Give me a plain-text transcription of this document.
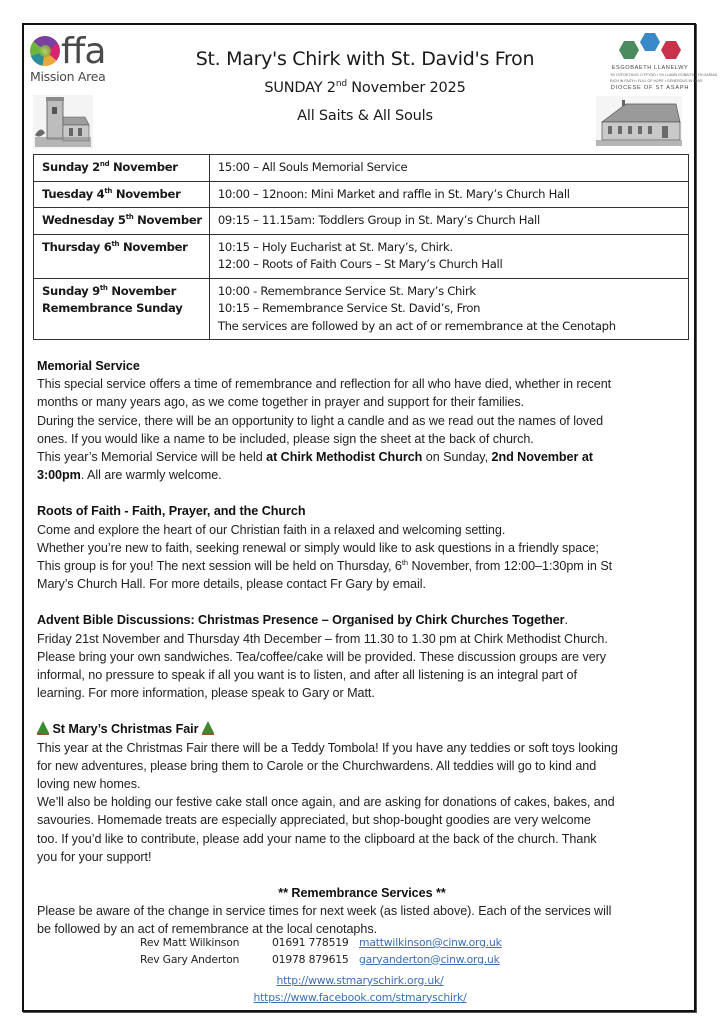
ffa
Mission Area
ESGOBAETH LLANELWY
YN GYFOETHOG O FFYDD • YN LLAWN GOBAITH • YN GARIAD
RICH IN FAITH • FULL OF HOPE • GENEROUS IN LOVE
DIOCESE OF ST ASAPH
St. Mary's Chirk with St. David's Fron
SUNDAY 2nd November 2025
All Saits & All Souls
Sunday 2nd November	15:00 – All Souls Memorial Service

Tuesday 4th November	10:00 – 12noon: Mini Market and raffle in St. Mary’s Church Hall

Wednesday 5th November	09:15 – 11.15am: Toddlers Group in St. Mary’s Church Hall

Thursday 6th November	10:15 – Holy Eucharist at St. Mary’s, Chirk.
12:00 – Roots of Faith Cours – St Mary’s Church Hall

Sunday 9th November
Remembrance Sunday	10:00 - Remembrance Service St. Mary’s Chirk
10:15 – Remembrance Service St. David’s, Fron
The services are followed by an act of or remembrance at the Cenotaph
Memorial Service

This special service offers a time of remembrance and reflection for all who have died, whether in recent

months or many years ago, as we come together in prayer and support for their families.

During the service, there will be an opportunity to light a candle and as we read out the names of loved

ones. If you would like a name to be included, please sign the sheet at the back of church.

This year’s Memorial Service will be held at Chirk Methodist Church on Sunday, 2nd November at

3:00pm. All are warmly welcome.

Roots of Faith - Faith, Prayer, and the Church

Come and explore the heart of our Christian faith in a relaxed and welcoming setting.

Whether you’re new to faith, seeking renewal or simply would like to ask questions in a friendly space;

This group is for you! The next session will be held on Thursday, 6th November, from 12:00–1:30pm in St

Mary’s Church Hall. For more details, please contact Fr Gary by email.

Advent Bible Discussions: Christmas Presence – Organised by Chirk Churches Together.

Friday 21st November and Thursday 4th December – from 11.30 to 1.30 pm at Chirk Methodist Church.

Please bring your own sandwiches. Tea/coffee/cake will be provided. These discussion groups are very

informal, no pressure to speak if all you want is to listen, and after all listening is an integral part of

learning. For more information, please speak to Gary or Matt.

St Mary’s Christmas Fair

This year at the Christmas Fair there will be a Teddy Tombola! If you have any teddies or soft toys looking

for new adventures, please bring them to Carole or the Churchwardens. All teddies will go to kind and

loving new homes.

We’ll also be holding our festive cake stall once again, and are asking for donations of cakes, bakes, and

savouries. Homemade treats are especially appreciated, but shop-bought goodies are very welcome

too. If you’d like to contribute, please add your name to the clipboard at the back of the church. Thank

you for your support!

** Remembrance Services **

Please be aware of the change in service times for next week (as listed above). Each of the services will

be followed by an act of remembrance at the local cenotaphs.

Rev Matt Wilkinson	01691 778519 mattwilkinson@cinw.org.uk
Rev Gary Anderton	01978 879615 garyanderton@cinw.org.uk
http://www.stmaryschirk.org.uk/
https://www.facebook.com/stmaryschirk/
